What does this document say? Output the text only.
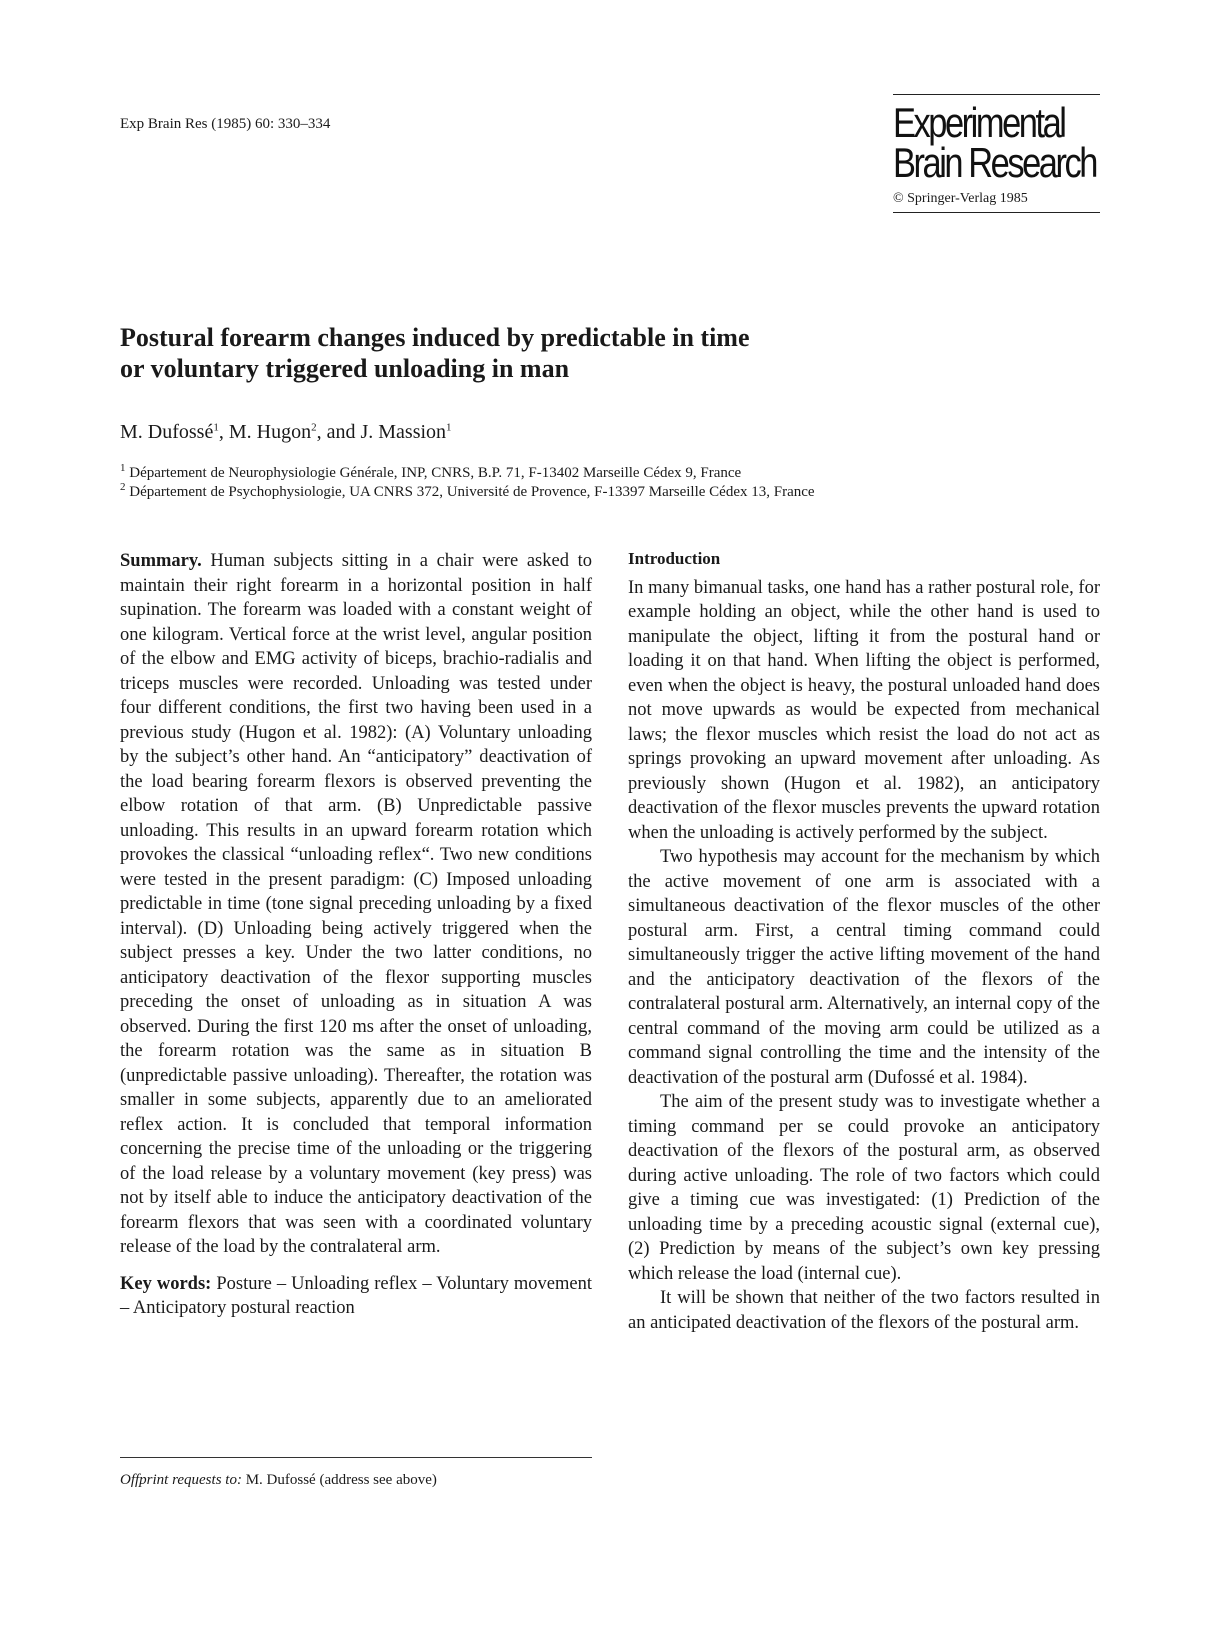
Exp Brain Res (1985) 60: 330–334	Experimental
Brain Research
© Springer-Verlag 1985
Postural forearm changes induced by predictable in time
or voluntary triggered unloading in man
M. Dufossé$^1$, M. Hugon$^2$, and J. Massion$^1$
$^1$ Département de Neurophysiologie Générale, INP, CNRS, B.P. 71, F-13402 Marseille Cédex 9, France
$^2$ Département de Psychophysiologie, UA CNRS 372, Université de Provence, F-13397 Marseille Cédex 13, France

Summary. Human subjects sitting in a chair were asked to maintain their right forearm in a horizontal position in half supination. The forearm was loaded with a constant weight of one kilogram. Vertical force at the wrist level, angular position of the elbow and EMG activity of biceps, brachio-radialis and triceps muscles were recorded. Unloading was tested under four different conditions, the first two having been used in a previous study (Hugon et al. 1982): (A) Voluntary unloading by the subject’s other hand. An “anticipatory” deactivation of the load bearing forearm flexors is observed preventing the elbow rotation of that arm. (B) Unpredictable passive unloading. This results in an upward forearm rotation which provokes the classical “unloading reflex“. Two new conditions were tested in the present paradigm: (C) Imposed unloading predictable in time (tone signal preceding unloading by a fixed interval). (D) Unloading being actively triggered when the subject presses a key. Under the two latter conditions, no anticipatory deactivation of the flexor supporting muscles preceding the onset of unloading as in situation A was observed. During the first 120 ms after the onset of unloading, the forearm rotation was the same as in situation B (unpredictable passive unloading). Thereafter, the rotation was smaller in some subjects, apparently due to an ameliorated reflex action. It is concluded that temporal information concerning the precise time of the unloading or the triggering of the load release by a voluntary movement (key press) was not by itself able to induce the anticipatory deactivation of the forearm flexors that was seen with a coordinated voluntary release of the load by the contralateral arm.

Key words: Posture – Unloading reflex – Voluntary movement – Anticipatory postural reaction

Offprint requests to: M. Dufossé (address see above)

Introduction

In many bimanual tasks, one hand has a rather postural role, for example holding an object, while the other hand is used to manipulate the object, lifting it from the postural hand or loading it on that hand. When lifting the object is performed, even when the object is heavy, the postural unloaded hand does not move upwards as would be expected from mechanical laws; the flexor muscles which resist the load do not act as springs provoking an upward movement after unloading. As previously shown (Hugon et al. 1982), an anticipatory deactivation of the flexor muscles prevents the upward rotation when the unloading is actively performed by the subject.

Two hypothesis may account for the mechanism by which the active movement of one arm is associated with a simultaneous deactivation of the flexor muscles of the other postural arm. First, a central timing command could simultaneously trigger the active lifting movement of the hand and the anticipatory deactivation of the flexors of the contralateral postural arm. Alternatively, an internal copy of the central command of the moving arm could be utilized as a command signal controlling the time and the intensity of the deactivation of the postural arm (Dufossé et al. 1984).

The aim of the present study was to investigate whether a timing command per se could provoke an anticipatory deactivation of the flexors of the postural arm, as observed during active unloading. The role of two factors which could give a timing cue was investigated: (1) Prediction of the unloading time by a preceding acoustic signal (external cue), (2) Prediction by means of the subject’s own key pressing which release the load (internal cue).

It will be shown that neither of the two factors resulted in an anticipated deactivation of the flexors of the postural arm.
